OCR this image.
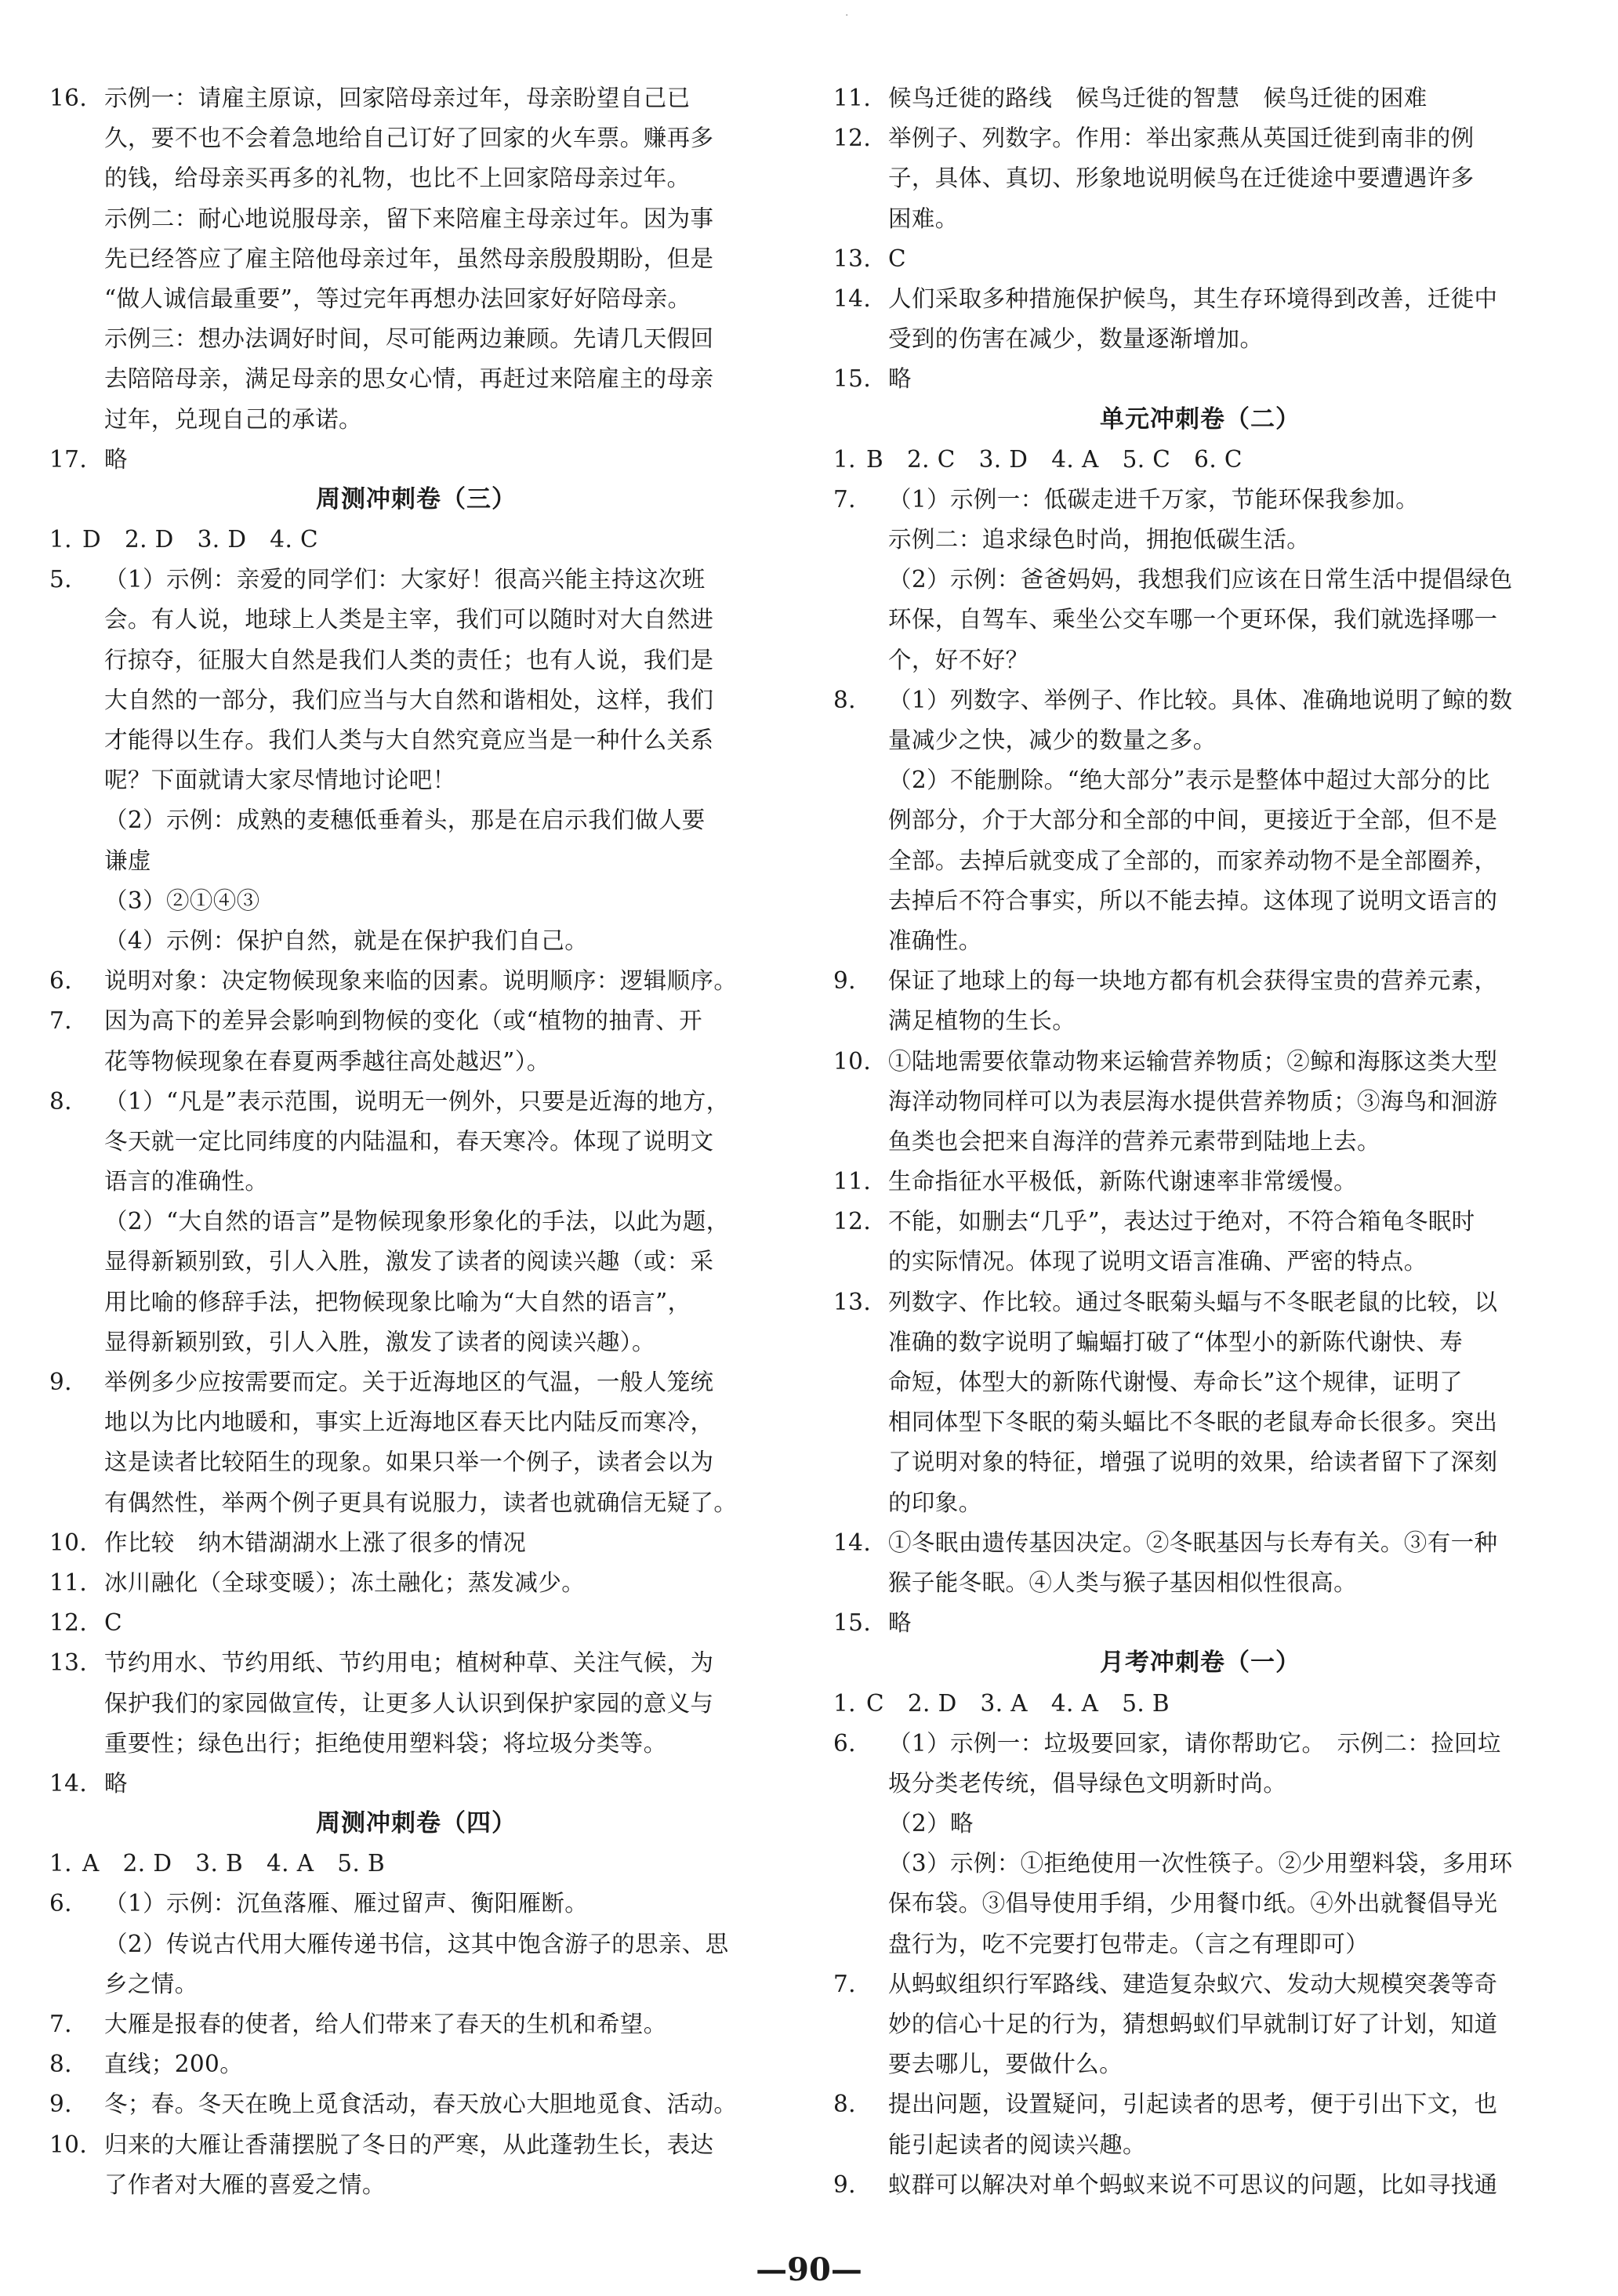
·
16. 示例一：请雇主原谅，回家陪母亲过年，母亲盼望自己已
久，要不也不会着急地给自己订好了回家的火车票。赚再多
的钱，给母亲买再多的礼物，也比不上回家陪母亲过年。
示例二：耐心地说服母亲，留下来陪雇主母亲过年。因为事
先已经答应了雇主陪他母亲过年，虽然母亲殷殷期盼，但是
“做人诚信最重要”，等过完年再想办法回家好好陪母亲。
示例三：想办法调好时间，尽可能两边兼顾。先请几天假回
去陪陪母亲，满足母亲的思女心情，再赶过来陪雇主的母亲
过年，兑现自己的承诺。
17. 略
周测冲刺卷（三）
1. D　2. D　3. D　4. C
5. （1）示例：亲爱的同学们：大家好！很高兴能主持这次班
会。有人说，地球上人类是主宰，我们可以随时对大自然进
行掠夺，征服大自然是我们人类的责任；也有人说，我们是
大自然的一部分，我们应当与大自然和谐相处，这样，我们
才能得以生存。我们人类与大自然究竟应当是一种什么关系
呢？下面就请大家尽情地讨论吧！
（2）示例：成熟的麦穗低垂着头，那是在启示我们做人要
谦虚
（3）②①④③
（4）示例：保护自然，就是在保护我们自己。
6. 说明对象：决定物候现象来临的因素。说明顺序：逻辑顺序。
7. 因为高下的差异会影响到物候的变化（或“植物的抽青、开
花等物候现象在春夏两季越往高处越迟”）。
8. （1）“凡是”表示范围，说明无一例外，只要是近海的地方，
冬天就一定比同纬度的内陆温和，春天寒冷。体现了说明文
语言的准确性。
（2）“大自然的语言”是物候现象形象化的手法，以此为题，
显得新颖别致，引人入胜，激发了读者的阅读兴趣（或：采
用比喻的修辞手法，把物候现象比喻为“大自然的语言”，
显得新颖别致，引人入胜，激发了读者的阅读兴趣）。
9. 举例多少应按需要而定。关于近海地区的气温，一般人笼统
地以为比内地暖和，事实上近海地区春天比内陆反而寒冷，
这是读者比较陌生的现象。如果只举一个例子，读者会以为
有偶然性，举两个例子更具有说服力，读者也就确信无疑了。
10. 作比较　纳木错湖湖水上涨了很多的情况
11. 冰川融化（全球变暖）；冻土融化；蒸发减少。
12. C
13. 节约用水、节约用纸、节约用电；植树种草、关注气候，为
保护我们的家园做宣传，让更多人认识到保护家园的意义与
重要性；绿色出行；拒绝使用塑料袋；将垃圾分类等。
14. 略
周测冲刺卷（四）
1. A　2. D　3. B　4. A　5. B
6. （1）示例：沉鱼落雁、雁过留声、衡阳雁断。
（2）传说古代用大雁传递书信，这其中饱含游子的思亲、思
乡之情。
7. 大雁是报春的使者，给人们带来了春天的生机和希望。
8. 直线；200。
9. 冬；春。冬天在晚上觅食活动，春天放心大胆地觅食、活动。
10. 归来的大雁让香蒲摆脱了冬日的严寒，从此蓬勃生长，表达
了作者对大雁的喜爱之情。
11. 候鸟迁徙的路线　候鸟迁徙的智慧　候鸟迁徙的困难
12. 举例子、列数字。作用：举出家燕从英国迁徙到南非的例
子，具体、真切、形象地说明候鸟在迁徙途中要遭遇许多
困难。
13. C
14. 人们采取多种措施保护候鸟，其生存环境得到改善，迁徙中
受到的伤害在减少，数量逐渐增加。
15. 略
单元冲刺卷（二）
1. B　2. C　3. D　4. A　5. C　6. C
7. （1）示例一：低碳走进千万家，节能环保我参加。
示例二：追求绿色时尚，拥抱低碳生活。
（2）示例：爸爸妈妈，我想我们应该在日常生活中提倡绿色
环保，自驾车、乘坐公交车哪一个更环保，我们就选择哪一
个，好不好？
8. （1）列数字、举例子、作比较。具体、准确地说明了鲸的数
量减少之快，减少的数量之多。
（2）不能删除。“绝大部分”表示是整体中超过大部分的比
例部分，介于大部分和全部的中间，更接近于全部，但不是
全部。去掉后就变成了全部的，而家养动物不是全部圈养，
去掉后不符合事实，所以不能去掉。这体现了说明文语言的
准确性。
9. 保证了地球上的每一块地方都有机会获得宝贵的营养元素，
满足植物的生长。
10. ①陆地需要依靠动物来运输营养物质；②鲸和海豚这类大型
海洋动物同样可以为表层海水提供营养物质；③海鸟和洄游
鱼类也会把来自海洋的营养元素带到陆地上去。
11. 生命指征水平极低，新陈代谢速率非常缓慢。
12. 不能，如删去“几乎”，表达过于绝对，不符合箱龟冬眠时
的实际情况。体现了说明文语言准确、严密的特点。
13. 列数字、作比较。通过冬眠菊头蝠与不冬眠老鼠的比较，以
准确的数字说明了蝙蝠打破了“体型小的新陈代谢快、寿
命短，体型大的新陈代谢慢、寿命长”这个规律，证明了
相同体型下冬眠的菊头蝠比不冬眠的老鼠寿命长很多。突出
了说明对象的特征，增强了说明的效果，给读者留下了深刻
的印象。
14. ①冬眠由遗传基因决定。②冬眠基因与长寿有关。③有一种
猴子能冬眠。④人类与猴子基因相似性很高。
15. 略
月考冲刺卷（一）
1. C　2. D　3. A　4. A　5. B
6. （1）示例一：垃圾要回家，请你帮助它。　示例二：捡回垃
圾分类老传统，倡导绿色文明新时尚。
（2）略
（3）示例：①拒绝使用一次性筷子。②少用塑料袋，多用环
保布袋。③倡导使用手绢，少用餐巾纸。④外出就餐倡导光
盘行为，吃不完要打包带走。（言之有理即可）
7. 从蚂蚁组织行军路线、建造复杂蚁穴、发动大规模突袭等奇
妙的信心十足的行为，猜想蚂蚁们早就制订好了计划，知道
要去哪儿，要做什么。
8. 提出问题，设置疑问，引起读者的思考，便于引出下文，也
能引起读者的阅读兴趣。
9. 蚁群可以解决对单个蚂蚁来说不可思议的问题，比如寻找通
—90—
